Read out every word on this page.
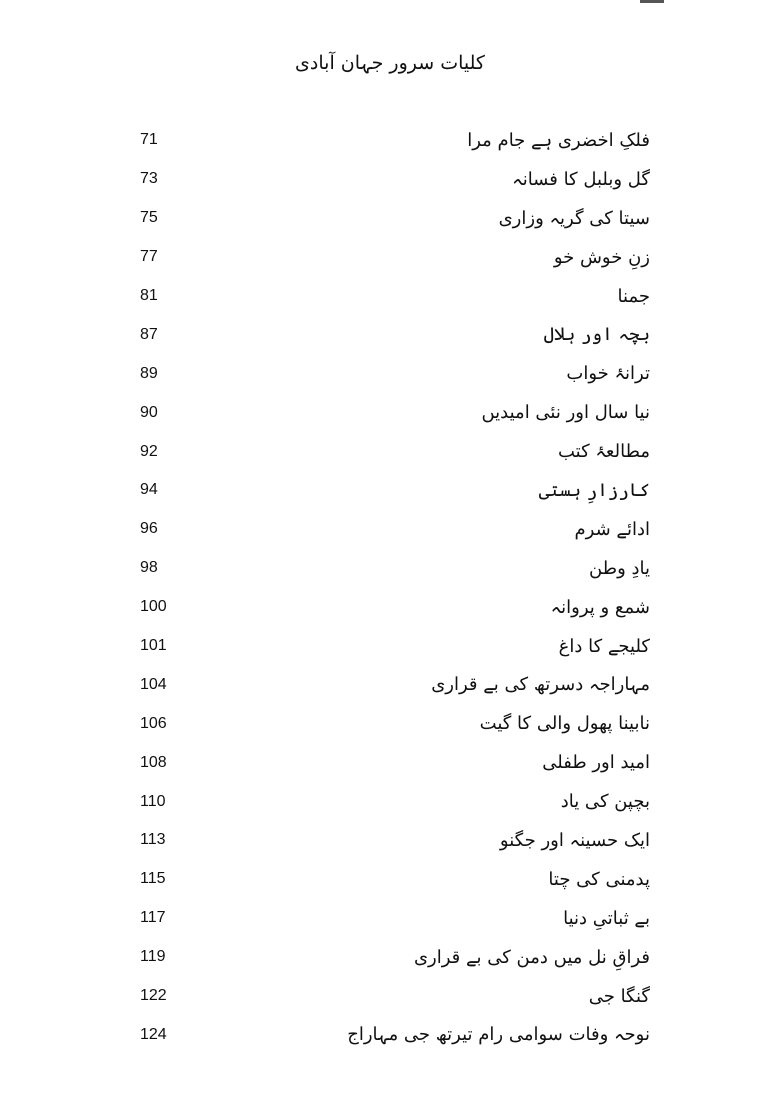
کلیات سرور جہان آبادی
71	فلکِ اخضری ہے جام مرا
73	گل وبلبل کا فسانہ
75	سیتا کی گریہ وزاری
77	زنِ خوش خو
81	جمنا
87	بچہ اور ہلال
89	ترانۂ خواب
90	نیا سال اور نئی امیدیں
92	مطالعۂ کتب
94	کارزارِ ہستی
96	ادائے شرم
98	یادِ وطن
100	شمع و پروانہ
101	کلیجے کا داغ
104	مہاراجہ دسرتھ کی بے قراری
106	نابینا پھول والی کا گیت
108	امید اور طفلی
110	بچپن کی یاد
113	ایک حسینہ اور جگنو
115	پدمنی کی چتا
117	بے ثباتیِ دنیا
119	فراقِ نل میں دمن کی بے قراری
122	گنگا جی
124	نوحہ وفات سوامی رام تیرتھ جی مہاراج
